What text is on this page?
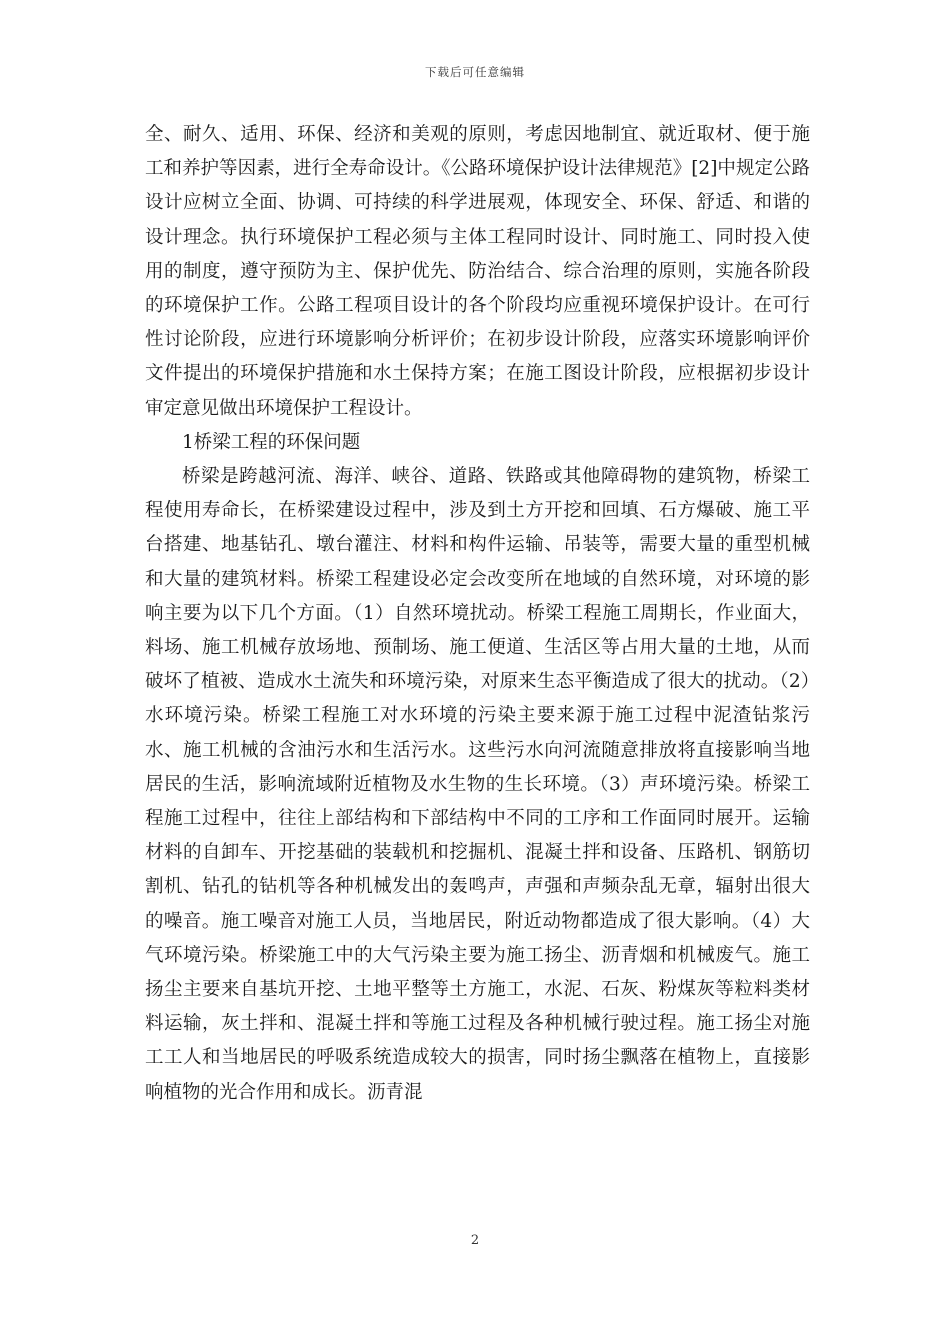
下载后可任意编辑

全、耐久、适用、环保、经济和美观的原则，考虑因地制宜、就近取材、便于施工和养护等因素，进行全寿命设计。《公路环境保护设计法律规范》[2]中规定公路设计应树立全面、协调、可持续的科学进展观，体现安全、环保、舒适、和谐的设计理念。执行环境保护工程必须与主体工程同时设计、同时施工、同时投入使用的制度，遵守预防为主、保护优先、防治结合、综合治理的原则，实施各阶段的环境保护工作。公路工程项目设计的各个阶段均应重视环境保护设计。在可行性讨论阶段，应进行环境影响分析评价；在初步设计阶段，应落实环境影响评价文件提出的环境保护措施和水土保持方案；在施工图设计阶段，应根据初步设计审定意见做出环境保护工程设计。

1桥梁工程的环保问题

桥梁是跨越河流、海洋、峡谷、道路、铁路或其他障碍物的建筑物，桥梁工程使用寿命长，在桥梁建设过程中，涉及到土方开挖和回填、石方爆破、施工平台搭建、地基钻孔、墩台灌注、材料和构件运输、吊装等，需要大量的重型机械和大量的建筑材料。桥梁工程建设必定会改变所在地域的自然环境，对环境的影响主要为以下几个方面。（1）自然环境扰动。桥梁工程施工周期长，作业面大，料场、施工机械存放场地、预制场、施工便道、生活区等占用大量的土地，从而破坏了植被、造成水土流失和环境污染，对原来生态平衡造成了很大的扰动。（2）水环境污染。桥梁工程施工对水环境的污染主要来源于施工过程中泥渣钻浆污水、施工机械的含油污水和生活污水。这些污水向河流随意排放将直接影响当地居民的生活，影响流域附近植物及水生物的生长环境。（3）声环境污染。桥梁工程施工过程中，往往上部结构和下部结构中不同的工序和工作面同时展开。运输材料的自卸车、开挖基础的装载机和挖掘机、混凝土拌和设备、压路机、钢筋切割机、钻孔的钻机等各种机械发出的轰鸣声，声强和声频杂乱无章，辐射出很大的噪音。施工噪音对施工人员，当地居民，附近动物都造成了很大影响。（4）大气环境污染。桥梁施工中的大气污染主要为施工扬尘、沥青烟和机械废气。施工扬尘主要来自基坑开挖、土地平整等土方施工，水泥、石灰、粉煤灰等粒料类材料运输，灰土拌和、混凝土拌和等施工过程及各种机械行驶过程。施工扬尘对施工工人和当地居民的呼吸系统造成较大的损害，同时扬尘飘落在植物上，直接影响植物的光合作用和成长。沥青混

2
